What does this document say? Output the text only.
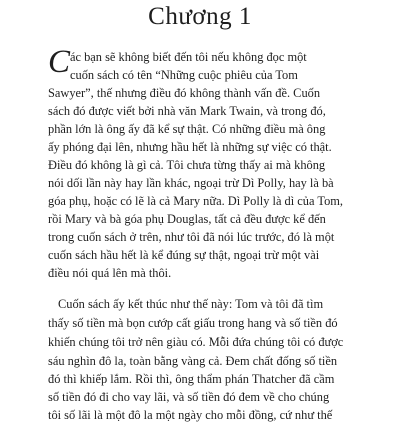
Chương 1
C ác bạn sẽ không biết đến tôi nếu không đọc một
cuốn sách có tên “Những cuộc phiêu của Tom
Sawyer”, thế nhưng điều đó không thành vấn đề. Cuốn
sách đó được viết bởi nhà văn Mark Twain, và trong đó,
phần lớn là ông ấy đã kể sự thật. Có những điều mà ông
ấy phóng đại lên, nhưng hầu hết là những sự việc có thật.
Điều đó không là gì cả. Tôi chưa từng thấy ai mà không
nói dối lần này hay lần khác, ngoại trừ Dì Polly, hay là bà
góa phụ, hoặc có lẽ là cả Mary nữa. Dì Polly là dì của Tom,
rồi Mary và bà góa phụ Douglas, tất cả đều được kể đến
trong cuốn sách ở trên, như tôi đã nói lúc trước, đó là một
cuốn sách hầu hết là kể đúng sự thật, ngoại trừ một vài
điều nói quá lên mà thôi.
Cuốn sách ấy kết thúc như thế này: Tom và tôi đã tìm
thấy số tiền mà bọn cướp cất giấu trong hang và số tiền đó
khiến chúng tôi trở nên giàu có. Mỗi đứa chúng tôi có được
sáu nghìn đô la, toàn bằng vàng cả. Đem chất đống số tiền
đó thì khiếp lắm. Rồi thì, ông thẩm phán Thatcher đã cầm
số tiền đó đi cho vay lãi, và số tiền đó đem về cho chúng
tôi số lãi là một đô la một ngày cho mỗi đồng, cứ như thế
